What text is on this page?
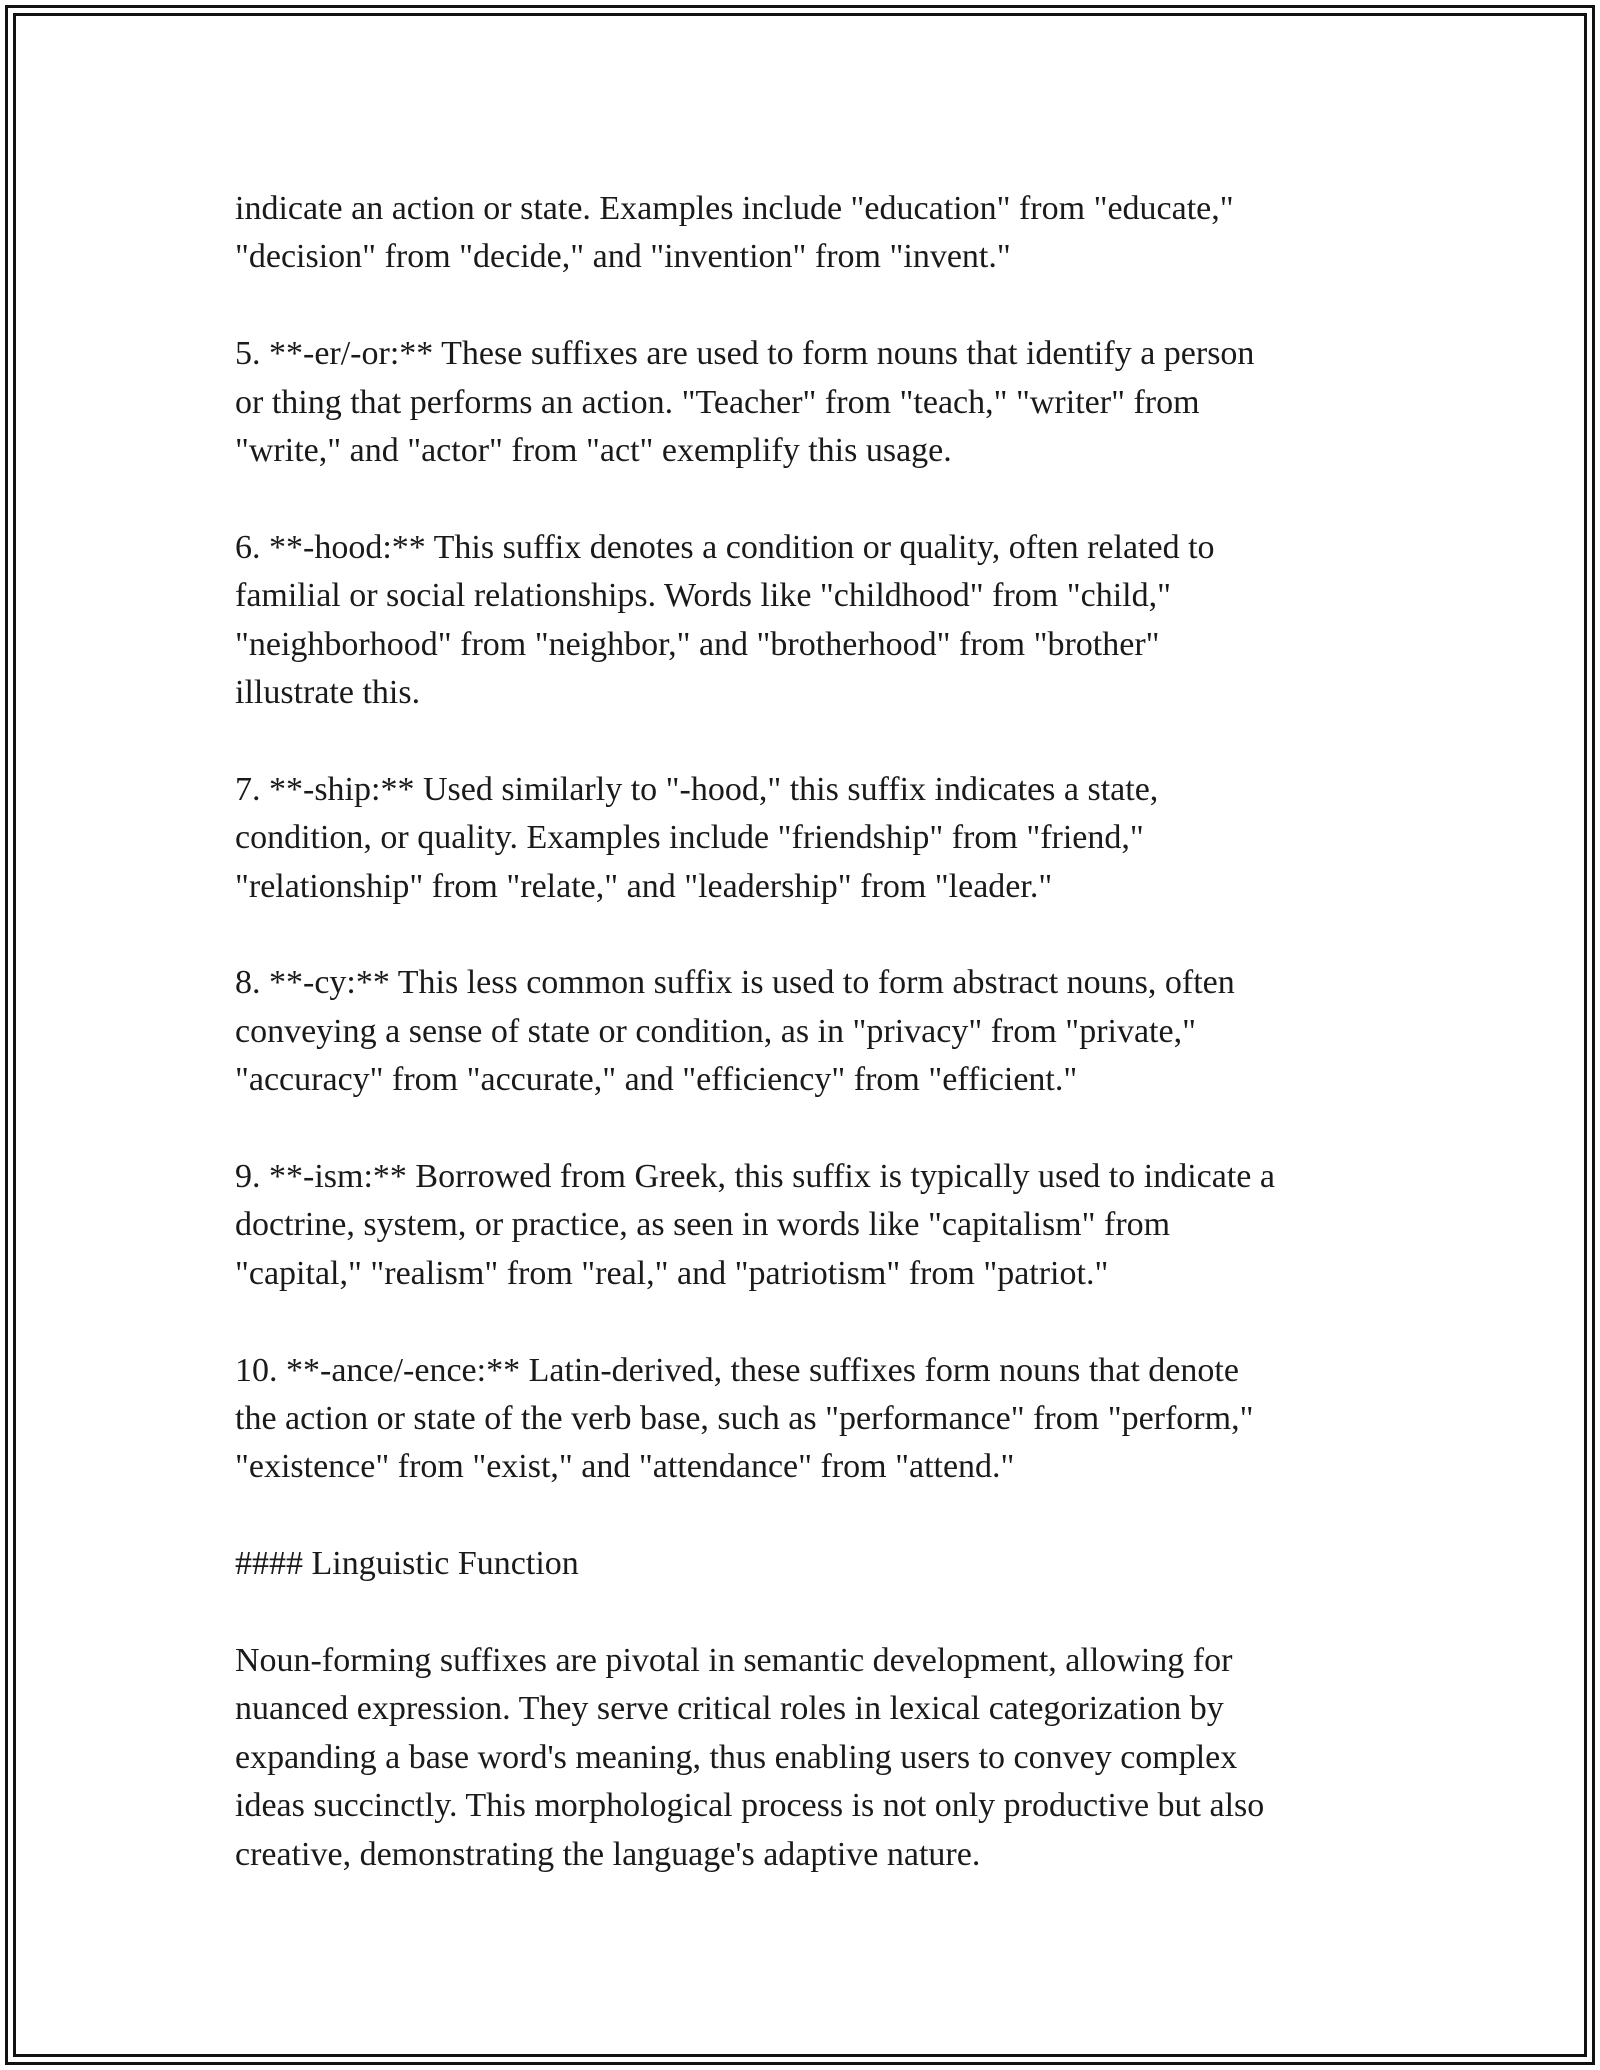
indicate an action or state. Examples include "education" from "educate,"
"decision" from "decide," and "invention" from "invent."

5. **-er/-or:** These suffixes are used to form nouns that identify a person
or thing that performs an action. "Teacher" from "teach," "writer" from
"write," and "actor" from "act" exemplify this usage.

6. **-hood:** This suffix denotes a condition or quality, often related to
familial or social relationships. Words like "childhood" from "child,"
"neighborhood" from "neighbor," and "brotherhood" from "brother"
illustrate this.

7. **-ship:** Used similarly to "-hood," this suffix indicates a state,
condition, or quality. Examples include "friendship" from "friend,"
"relationship" from "relate," and "leadership" from "leader."

8. **-cy:** This less common suffix is used to form abstract nouns, often
conveying a sense of state or condition, as in "privacy" from "private,"
"accuracy" from "accurate," and "efficiency" from "efficient."

9. **-ism:** Borrowed from Greek, this suffix is typically used to indicate a
doctrine, system, or practice, as seen in words like "capitalism" from
"capital," "realism" from "real," and "patriotism" from "patriot."

10. **-ance/-ence:** Latin-derived, these suffixes form nouns that denote
the action or state of the verb base, such as "performance" from "perform,"
"existence" from "exist," and "attendance" from "attend."

#### Linguistic Function

Noun-forming suffixes are pivotal in semantic development, allowing for
nuanced expression. They serve critical roles in lexical categorization by
expanding a base word's meaning, thus enabling users to convey complex
ideas succinctly. This morphological process is not only productive but also
creative, demonstrating the language's adaptive nature.
